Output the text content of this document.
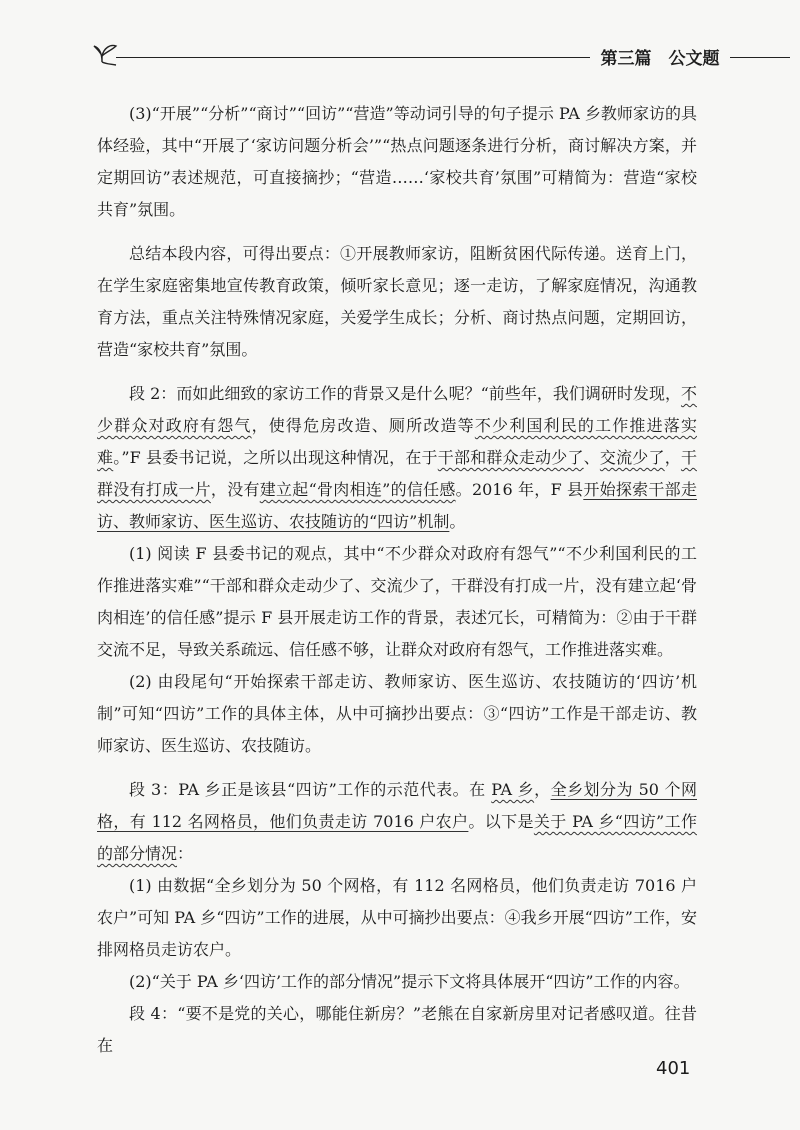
第三篇　公文题

(3)“开展”“分析”“商讨”“回访”“营造”等动词引导的句子提示 PA 乡教师家访的具体经验，其中“开展了‘家访问题分析会’”“热点问题逐条进行分析，商讨解决方案，并定期回访”表述规范，可直接摘抄；“营造……‘家校共育’氛围”可精简为：营造“家校共育”氛围。

总结本段内容，可得出要点：①开展教师家访，阻断贫困代际传递。送育上门，在学生家庭密集地宣传教育政策，倾听家长意见；逐一走访，了解家庭情况，沟通教育方法，重点关注特殊情况家庭，关爱学生成长；分析、商讨热点问题，定期回访，营造“家校共育”氛围。

段 2：而如此细致的家访工作的背景又是什么呢？“前些年，我们调研时发现，不少群众对政府有怨气，使得危房改造、厕所改造等不少利国利民的工作推进落实难。”F 县委书记说，之所以出现这种情况，在于干部和群众走动少了、交流少了，干群没有打成一片，没有建立起“骨肉相连”的信任感。2016 年，F 县开始探索干部走访、教师家访、医生巡访、农技随访的“四访”机制。

(1) 阅读 F 县委书记的观点，其中“不少群众对政府有怨气”“不少利国利民的工作推进落实难”“干部和群众走动少了、交流少了，干群没有打成一片，没有建立起‘骨肉相连’的信任感”提示 F 县开展走访工作的背景，表述冗长，可精简为：②由于干群交流不足，导致关系疏远、信任感不够，让群众对政府有怨气，工作推进落实难。

(2) 由段尾句“开始探索干部走访、教师家访、医生巡访、农技随访的‘四访’机制”可知“四访”工作的具体主体，从中可摘抄出要点：③“四访”工作是干部走访、教师家访、医生巡访、农技随访。

段 3：PA 乡正是该县“四访”工作的示范代表。在 PA 乡，全乡划分为 50 个网格，有 112 名网格员，他们负责走访 7016 户农户。以下是关于 PA 乡“四访”工作的部分情况：

(1) 由数据“全乡划分为 50 个网格，有 112 名网格员，他们负责走访 7016 户农户”可知 PA 乡“四访”工作的进展，从中可摘抄出要点：④我乡开展“四访”工作，安排网格员走访农户。

(2)“关于 PA 乡‘四访’工作的部分情况”提示下文将具体展开“四访”工作的内容。

段 4：“要不是党的关心，哪能住新房？”老熊在自家新房里对记者感叹道。往昔在

401
